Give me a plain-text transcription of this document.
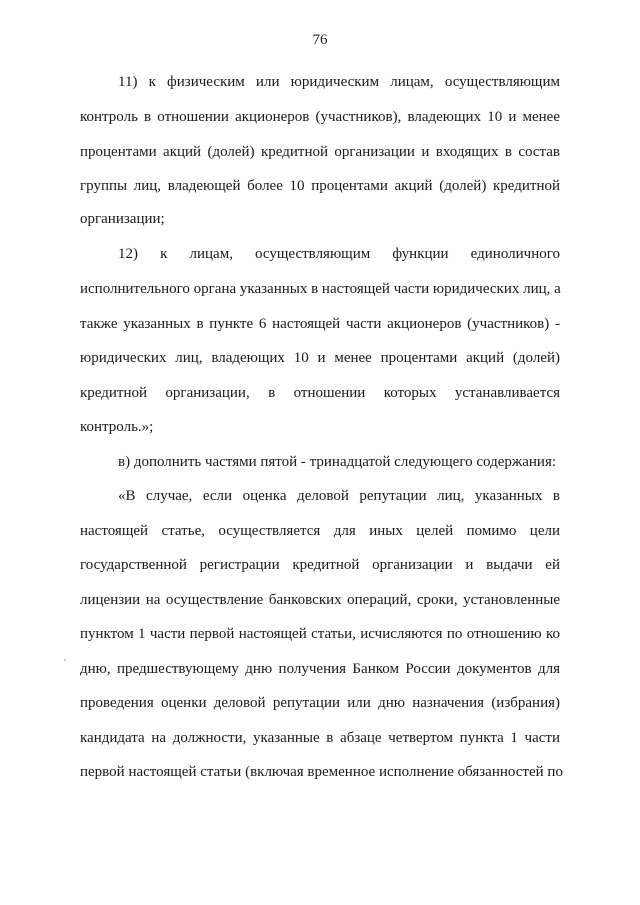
76
11) к физическим или юридическим лицам, осуществляющим
контроль в отношении акционеров (участников), владеющих 10 и менее
процентами акций (долей) кредитной организации и входящих в состав
группы лиц, владеющей более 10 процентами акций (долей) кредитной
организации;
12) к лицам, осуществляющим функции единоличного
исполнительного органа указанных в настоящей части юридических лиц, а
также указанных в пункте 6 настоящей части акционеров (участников) -
юридических лиц, владеющих 10 и менее процентами акций (долей)
кредитной организации, в отношении которых устанавливается
контроль.»;
в) дополнить частями пятой - тринадцатой следующего содержания:
«В случае, если оценка деловой репутации лиц, указанных в
настоящей статье, осуществляется для иных целей помимо цели
государственной регистрации кредитной организации и выдачи ей
лицензии на осуществление банковских операций, сроки, установленные
пунктом 1 части первой настоящей статьи, исчисляются по отношению ко
дню, предшествующему дню получения Банком России документов для
проведения оценки деловой репутации или дню назначения (избрания)
кандидата на должности, указанные в абзаце четвертом пункта 1 части
первой настоящей статьи (включая временное исполнение обязанностей по
